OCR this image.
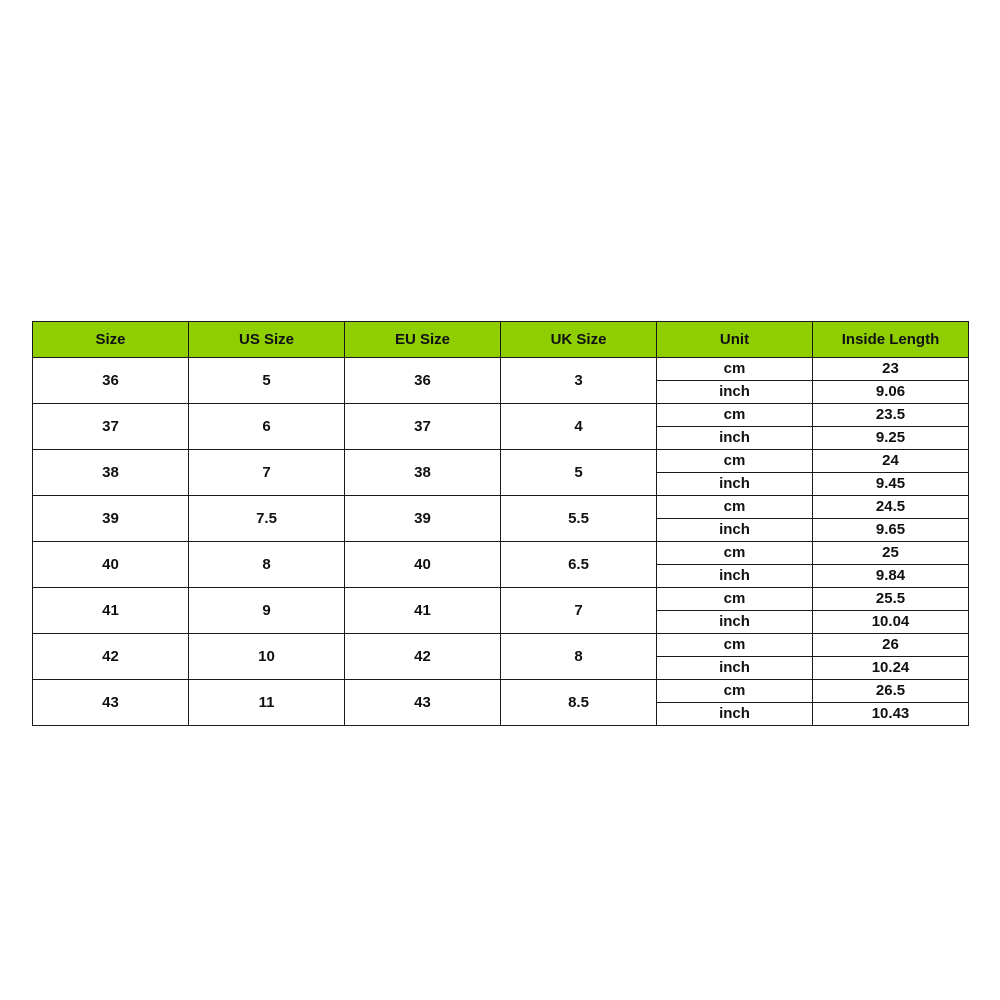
Size	US Size	EU Size	UK Size	Unit	Inside Length
36	5	36	3	cm	23
				inch	9.06
37	6	37	4	cm	23.5
				inch	9.25
38	7	38	5	cm	24
				inch	9.45
39	7.5	39	5.5	cm	24.5
				inch	9.65
40	8	40	6.5	cm	25
				inch	9.84
41	9	41	7	cm	25.5
				inch	10.04
42	10	42	8	cm	26
				inch	10.24
43	11	43	8.5	cm	26.5
				inch	10.43
